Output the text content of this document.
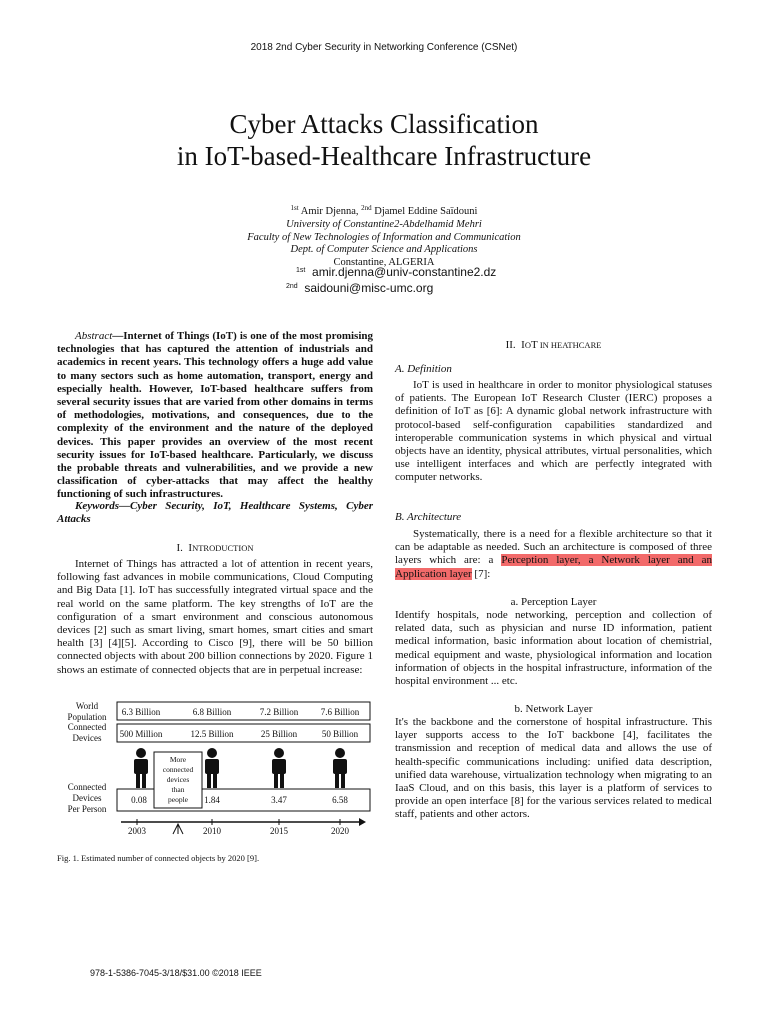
2018 2nd Cyber Security in Networking Conference (CSNet)
Cyber Attacks Classification
in IoT-based-Healthcare Infrastructure
$^{1st}$ Amir Djenna, $^{2nd}$ Djamel Eddine Saïdouni
University of Constantine2-Abdelhamid Mehri
Faculty of New Technologies of Information and Communication
Dept. of Computer Science and Applications
Constantine, ALGERIA
$^{1st}$ amir.djenna@univ-constantine2.dz
$^{2nd}$ saidouni@misc-umc.org
Abstract—Internet of Things (IoT) is one of the most promising technologies that has captured the attention of industrials and academics in recent years. This technology offers a huge add value to many sectors such as home automation, transport, energy and especially health. However, IoT-based healthcare suffers from several security issues that are varied from other domains in terms of methodologies, motivations, and consequences, due to the complexity of the environment and the nature of the deployed devices. This paper provides an overview of the most recent security issues for IoT-based healthcare. Particularly, we discuss the probable threats and vulnerabilities, and we provide a new classification of cyber-attacks that may affect the healthy functioning of such infrastructures.
Keywords—Cyber Security, IoT, Healthcare Systems, Cyber Attacks
I. INTRODUCTION

Internet of Things has attracted a lot of attention in recent years, following fast advances in mobile communications, Cloud Computing and Big Data [1]. IoT has successfully integrated virtual space and the real world on the same platform. The key strengths of IoT are the configuration of a smart environment and conscious autonomous devices [2] such as smart living, smart homes, smart cities and smart health [3] [4][5]. According to Cisco [9], there will be 50 billion connected objects with about 200 billion connections by 2020. Figure 1 shows an estimate of connected objects that are in perpetual increase:

World Population
Connected Devices
Connected Devices Per Person
6.3 Billion	6.8 Billion	7.2 Billion 7.6 Billion
500 Million	12.5 Billion	25 Billion	50 Billion
More connected devices than people
0.08	1.84	3.47	6.58
2003	2010	2015	2020
Fig. 1. Estimated number of connected objects by 2020 [9].
978-1-5386-7045-3/18/$31.00 ©2018 IEEE
II. IOT IN HEATHCARE
A. Definition

IoT is used in healthcare in order to monitor physiological statuses of patients. The European IoT Research Cluster (IERC) proposes a definition of IoT as [6]: A dynamic global network infrastructure with protocol-based self-configuration capabilities standardized and interoperable communication systems in which physical and virtual objects have an identity, physical attributes, virtual personalities, which use intelligent interfaces and which are perfectly integrated with computer networks.

B. Architecture

Systematically, there is a need for a flexible architecture so that it can be adaptable as needed. Such an architecture is composed of three layers which are: a Perception layer, a Network layer and an Application layer [7]:

a. Perception Layer

Identify hospitals, node networking, perception and collection of related data, such as physician and nurse ID information, patient medical information, basic information about location of chemistrial, medical equipment and waste, physiological information and location information of objects in the hospital infrastructure, information of the hospital environment ... etc.

b. Network Layer

It's the backbone and the cornerstone of hospital infrastructure. This layer supports access to the IoT backbone [4], facilitates the transmission and reception of medical data and allows the use of health-specific communications including: unified data description, unified data warehouse, virtualization technology when migrating to an IaaS Cloud, and on this basis, this layer is a platform of services to provide an open interface [8] for the various services related to medical staff, patients and other actors.
